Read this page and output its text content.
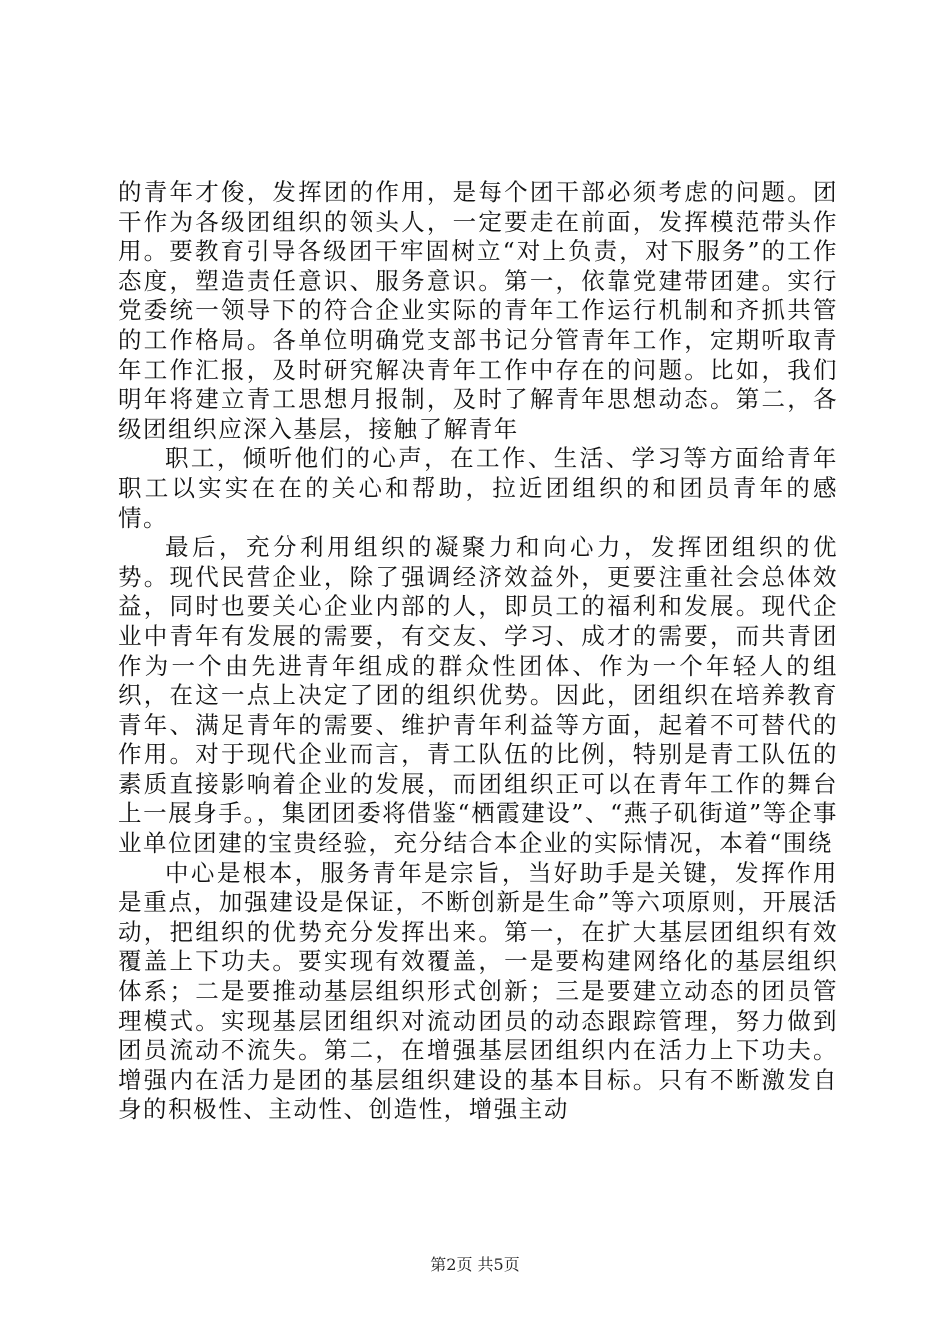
的青年才俊，发挥团的作用，是每个团干部必须考虑的问题。团干作为各级团组织的领头人，一定要走在前面，发挥模范带头作用。要教育引导各级团干牢固树立“对上负责，对下服务”的工作态度，塑造责任意识、服务意识。第一，依靠党建带团建。实行党委统一领导下的符合企业实际的青年工作运行机制和齐抓共管的工作格局。各单位明确党支部书记分管青年工作，定期听取青年工作汇报，及时研究解决青年工作中存在的问题。比如，我们明年将建立青工思想月报制，及时了解青年思想动态。第二，各级团组织应深入基层，接触了解青年

职工，倾听他们的心声，在工作、生活、学习等方面给青年职工以实实在在的关心和帮助，拉近团组织的和团员青年的感情。

最后，充分利用组织的凝聚力和向心力，发挥团组织的优势。现代民营企业，除了强调经济效益外，更要注重社会总体效益，同时也要关心企业内部的人，即员工的福利和发展。现代企业中青年有发展的需要，有交友、学习、成才的需要，而共青团作为一个由先进青年组成的群众性团体、作为一个年轻人的组织，在这一点上决定了团的组织优势。因此，团组织在培养教育青年、满足青年的需要、维护青年利益等方面，起着不可替代的作用。对于现代企业而言，青工队伍的比例，特别是青工队伍的素质直接影响着企业的发展，而团组织正可以在青年工作的舞台上一展身手。，集团团委将借鉴“栖霞建设”、“燕子矶街道”等企事业单位团建的宝贵经验，充分结合本企业的实际情况，本着“围绕

中心是根本，服务青年是宗旨，当好助手是关键，发挥作用是重点，加强建设是保证，不断创新是生命”等六项原则，开展活动，把组织的优势充分发挥出来。第一，在扩大基层团组织有效覆盖上下功夫。要实现有效覆盖，一是要构建网络化的基层组织体系；二是要推动基层组织形式创新；三是要建立动态的团员管理模式。实现基层团组织对流动团员的动态跟踪管理，努力做到团员流动不流失。第二，在增强基层团组织内在活力上下功夫。增强内在活力是团的基层组织建设的基本目标。只有不断激发自身的积极性、主动性、创造性，增强主动

第2页 共5页
